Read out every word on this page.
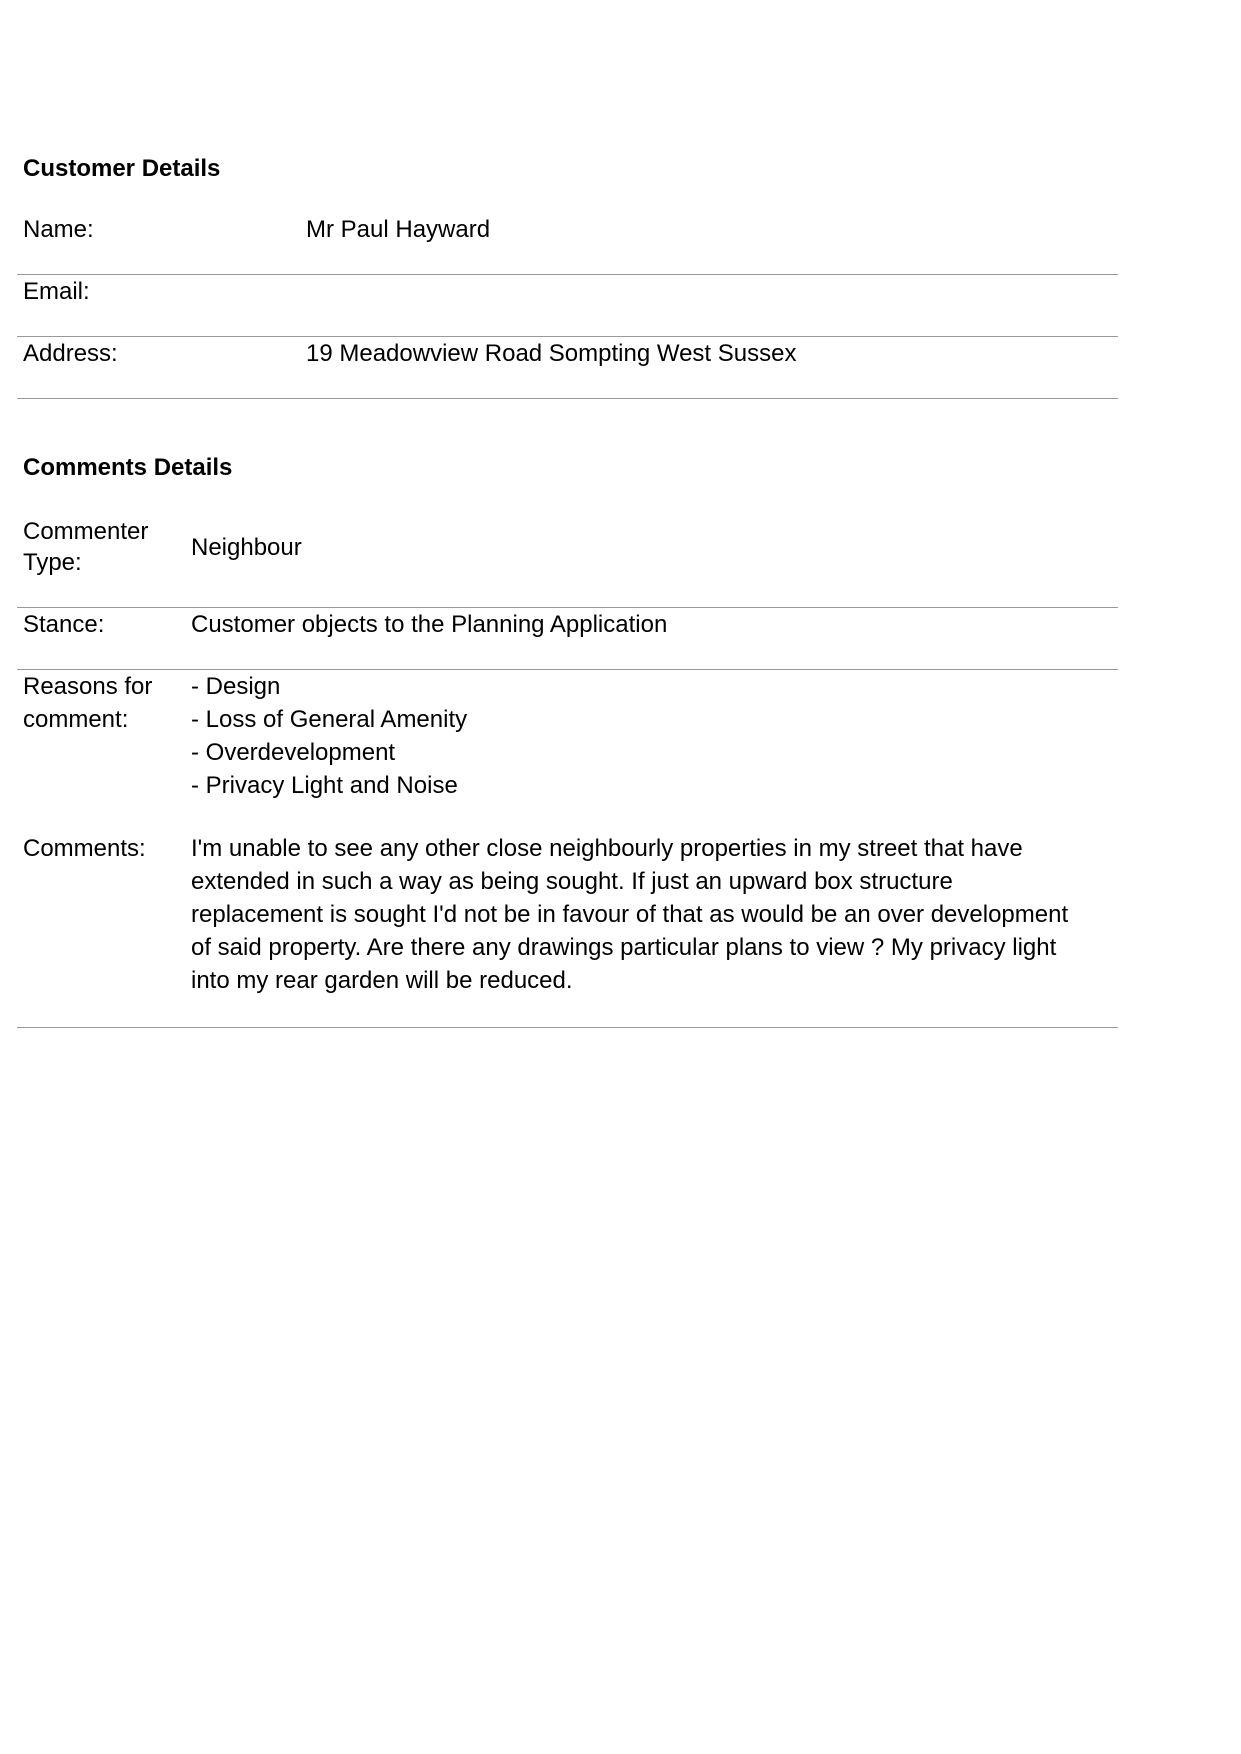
Customer Details

Name:	Mr Paul Hayward

Email:

Address:	19 Meadowview Road Sompting West Sussex

Comments Details

Commenter
Type:

Neighbour

Stance:	Customer objects to the Planning Application

Reasons for
comment:

- Design
- Loss of General Amenity
- Overdevelopment
- Privacy Light and Noise

Comments: I'm unable to see any other close neighbourly properties in my street that have
extended in such a way as being sought. If just an upward box structure
replacement is sought I'd not be in favour of that as would be an over development
of said property. Are there any drawings particular plans to view ? My privacy light
into my rear garden will be reduced.
